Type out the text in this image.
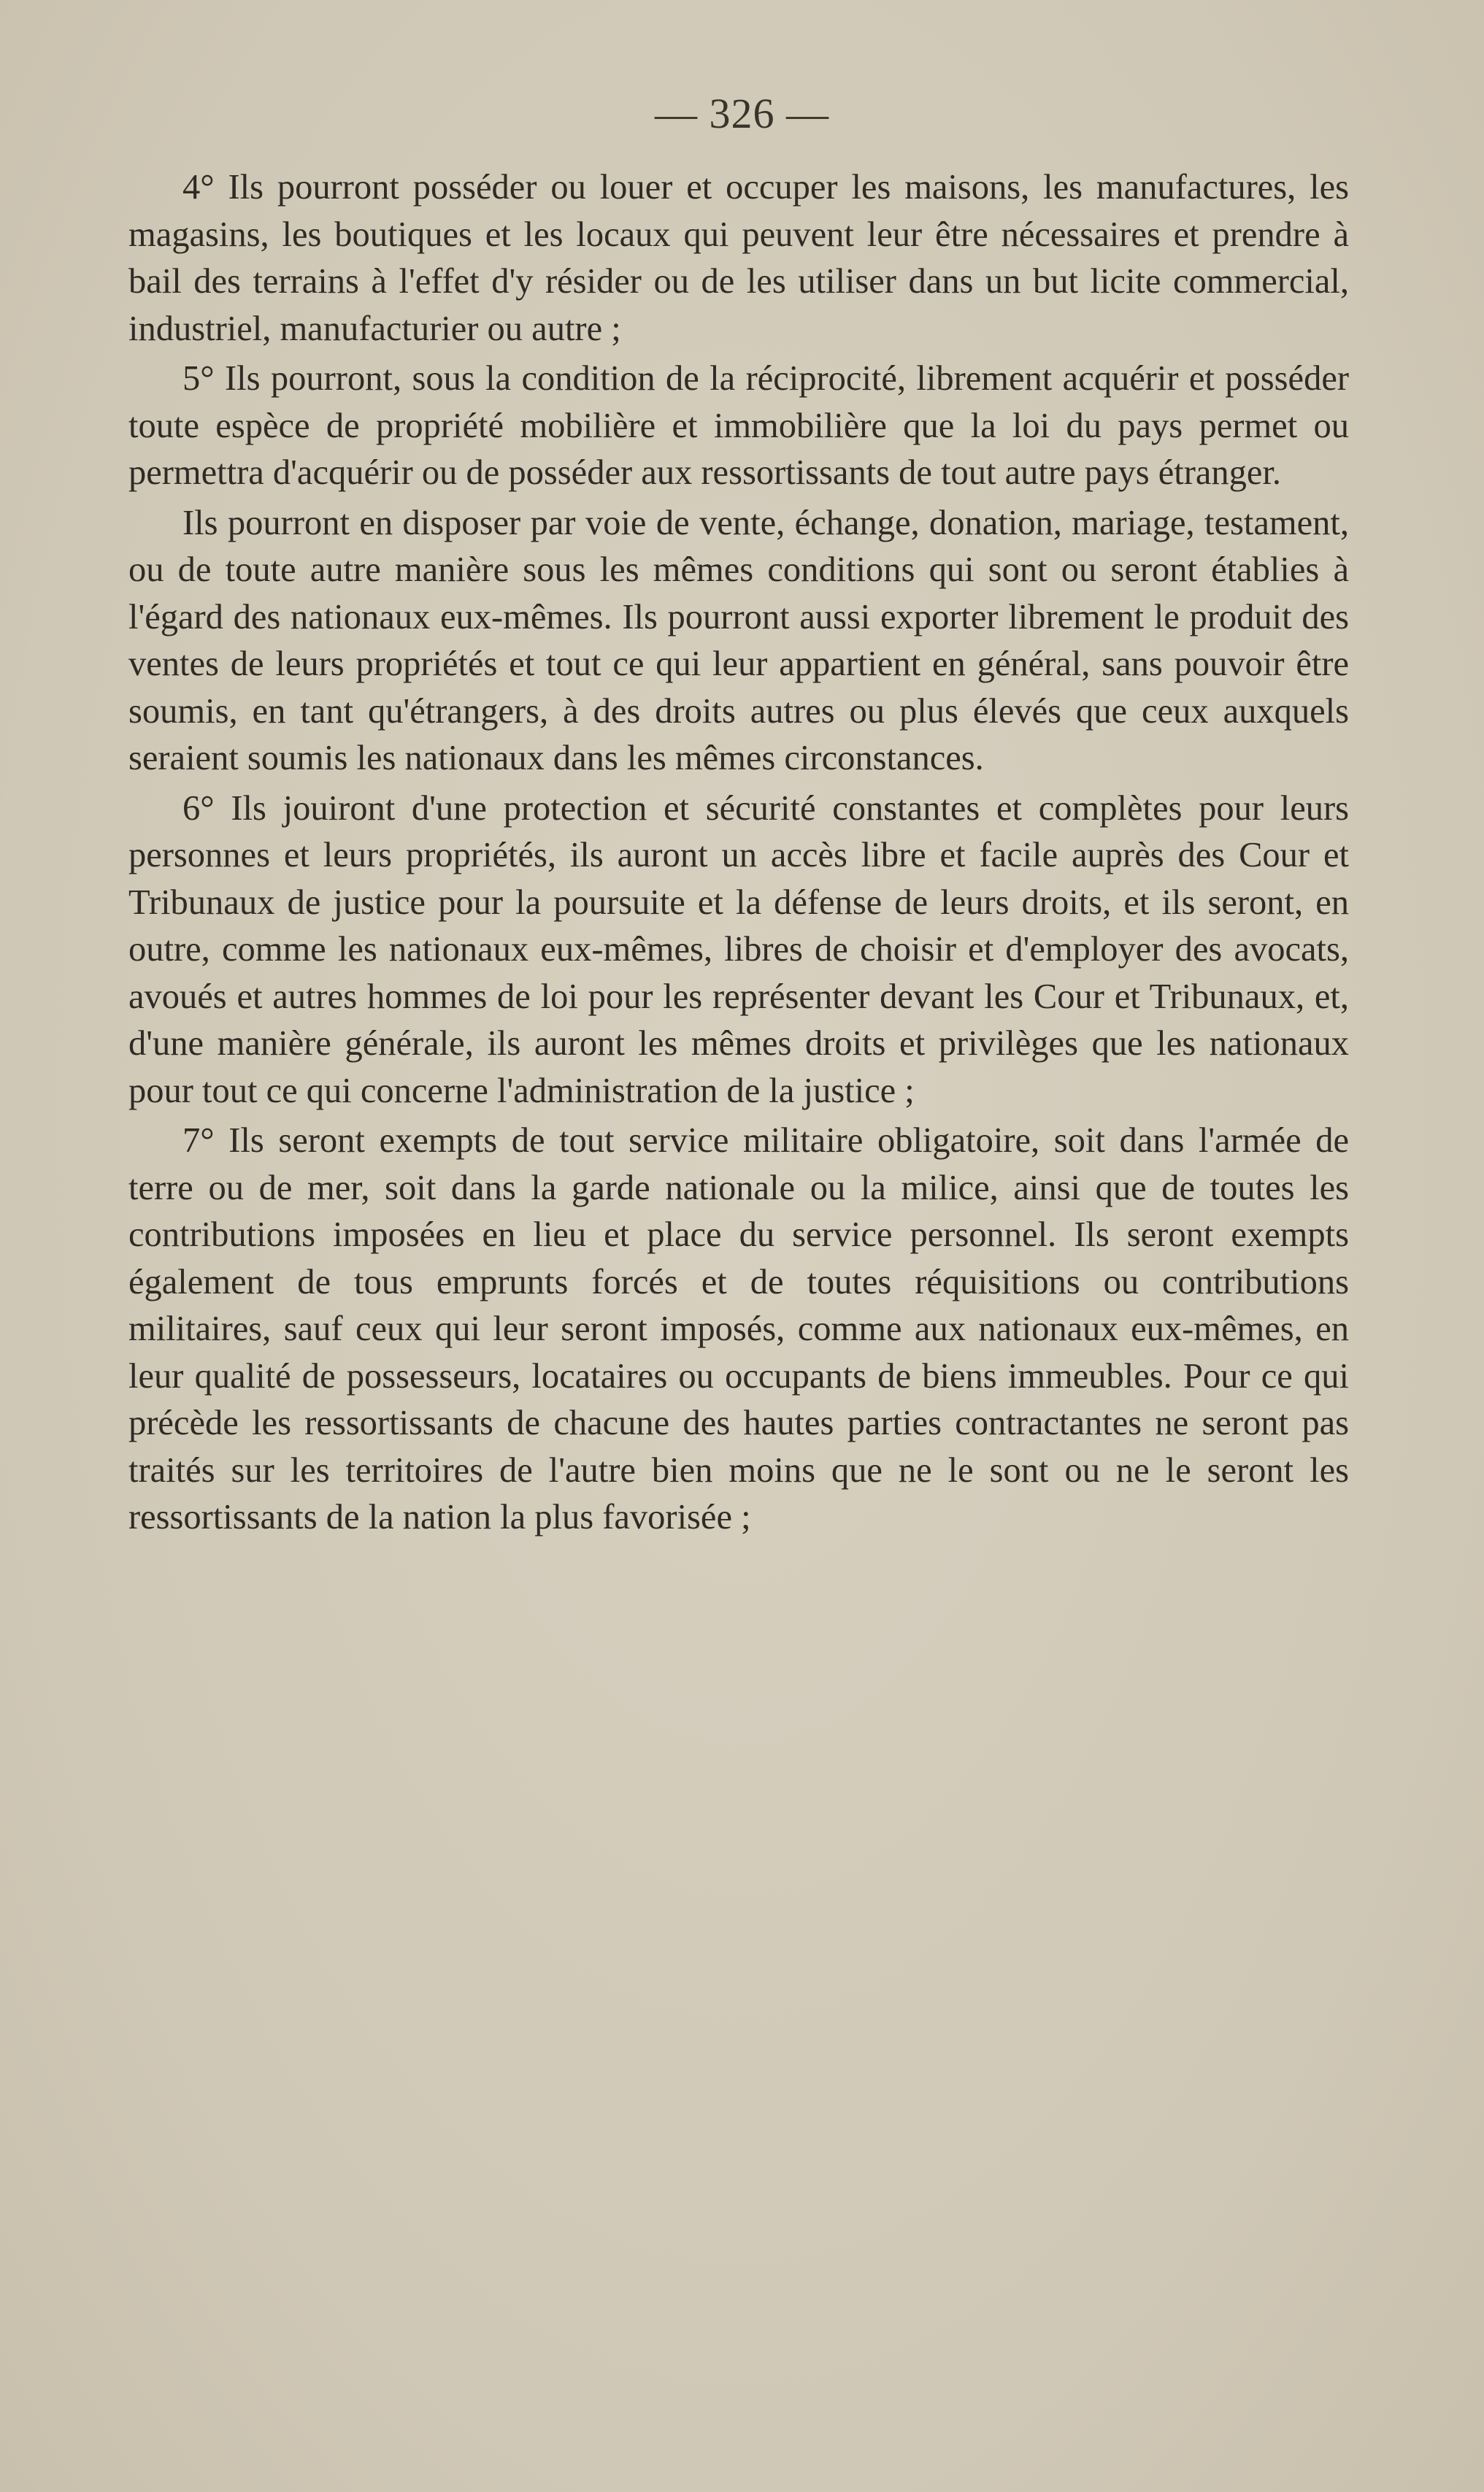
— 326 —

4° Ils pourront posséder ou louer et occuper les maisons, les manufactures, les magasins, les boutiques et les locaux qui peuvent leur être nécessaires et prendre à bail des terrains à l'effet d'y résider ou de les utiliser dans un but licite commercial, industriel, manufacturier ou autre ;

5° Ils pourront, sous la condition de la réciprocité, librement acquérir et posséder toute espèce de propriété mobilière et immobilière que la loi du pays permet ou permettra d'acquérir ou de posséder aux ressortissants de tout autre pays étranger.

Ils pourront en disposer par voie de vente, échange, donation, mariage, testament, ou de toute autre manière sous les mêmes conditions qui sont ou seront établies à l'égard des nationaux eux-mêmes. Ils pourront aussi exporter librement le produit des ventes de leurs propriétés et tout ce qui leur appartient en général, sans pouvoir être soumis, en tant qu'étrangers, à des droits autres ou plus élevés que ceux auxquels seraient soumis les nationaux dans les mêmes circonstances.

6° Ils jouiront d'une protection et sécurité constantes et complètes pour leurs personnes et leurs propriétés, ils auront un accès libre et facile auprès des Cour et Tribunaux de justice pour la poursuite et la défense de leurs droits, et ils seront, en outre, comme les nationaux eux-mêmes, libres de choisir et d'employer des avocats, avoués et autres hommes de loi pour les représenter devant les Cour et Tribunaux, et, d'une manière générale, ils auront les mêmes droits et privilèges que les nationaux pour tout ce qui concerne l'administration de la justice ;

7° Ils seront exempts de tout service militaire obligatoire, soit dans l'armée de terre ou de mer, soit dans la garde nationale ou la milice, ainsi que de toutes les contributions imposées en lieu et place du service personnel. Ils seront exempts également de tous emprunts forcés et de toutes réquisitions ou contributions militaires, sauf ceux qui leur seront imposés, comme aux nationaux eux-mêmes, en leur qualité de possesseurs, locataires ou occupants de biens immeubles. Pour ce qui précède les ressortissants de chacune des hautes parties contractantes ne seront pas traités sur les territoires de l'autre bien moins que ne le sont ou ne le seront les ressortissants de la nation la plus favorisée ;
